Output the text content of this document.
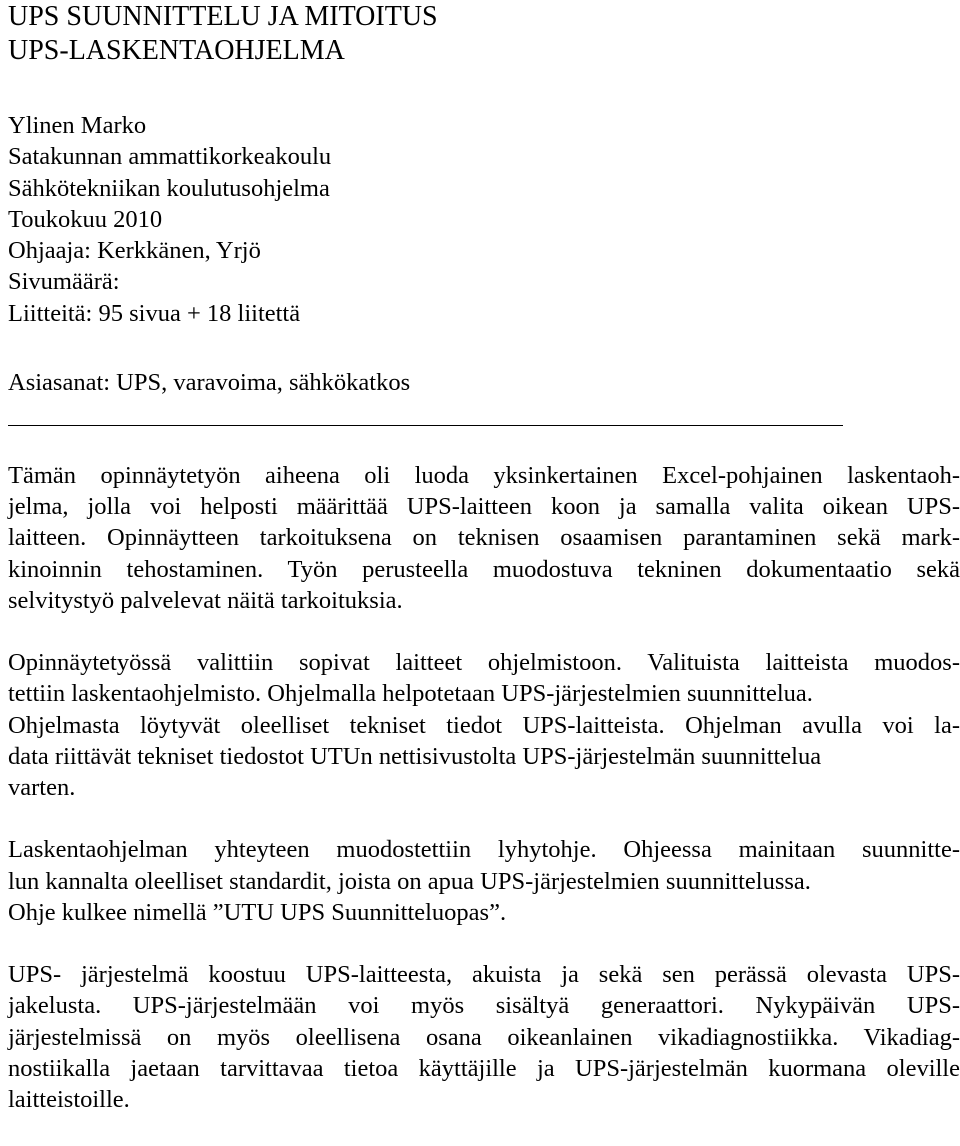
UPS SUUNNITTELU JA MITOITUS
UPS-LASKENTAOHJELMA
Ylinen Marko
Satakunnan ammattikorkeakoulu
Sähkötekniikan koulutusohjelma
Toukokuu 2010
Ohjaaja: Kerkkänen, Yrjö
Sivumäärä:
Liitteitä: 95 sivua + 18 liitettä
Asiasanat: UPS, varavoima, sähkökatkos
Tämän opinnäytetyön aiheena oli luoda yksinkertainen Excel-pohjainen laskentaoh-
jelma, jolla voi helposti määrittää UPS-laitteen koon ja samalla valita oikean UPS-
laitteen. Opinnäytteen tarkoituksena on teknisen osaamisen parantaminen sekä mark-
kinoinnin tehostaminen. Työn perusteella muodostuva tekninen dokumentaatio sekä
selvitystyö palvelevat näitä tarkoituksia.
Opinnäytetyössä valittiin sopivat laitteet ohjelmistoon. Valituista laitteista muodos-
tettiin laskentaohjelmisto. Ohjelmalla helpotetaan UPS-järjestelmien suunnittelua.
Ohjelmasta löytyvät oleelliset tekniset tiedot UPS-laitteista. Ohjelman avulla voi la-
data riittävät tekniset tiedostot UTUn nettisivustolta UPS-järjestelmän suunnittelua
varten.
Laskentaohjelman yhteyteen muodostettiin lyhytohje. Ohjeessa mainitaan suunnitte-
lun kannalta oleelliset standardit, joista on apua UPS-järjestelmien suunnittelussa.
Ohje kulkee nimellä ”UTU UPS Suunnitteluopas”.
UPS- järjestelmä koostuu UPS-laitteesta, akuista ja sekä sen perässä olevasta UPS-
jakelusta. UPS-järjestelmään voi myös sisältyä generaattori. Nykypäivän UPS-
järjestelmissä on myös oleellisena osana oikeanlainen vikadiagnostiikka. Vikadiag-
nostiikalla jaetaan tarvittavaa tietoa käyttäjille ja UPS-järjestelmän kuormana oleville
laitteistoille.
